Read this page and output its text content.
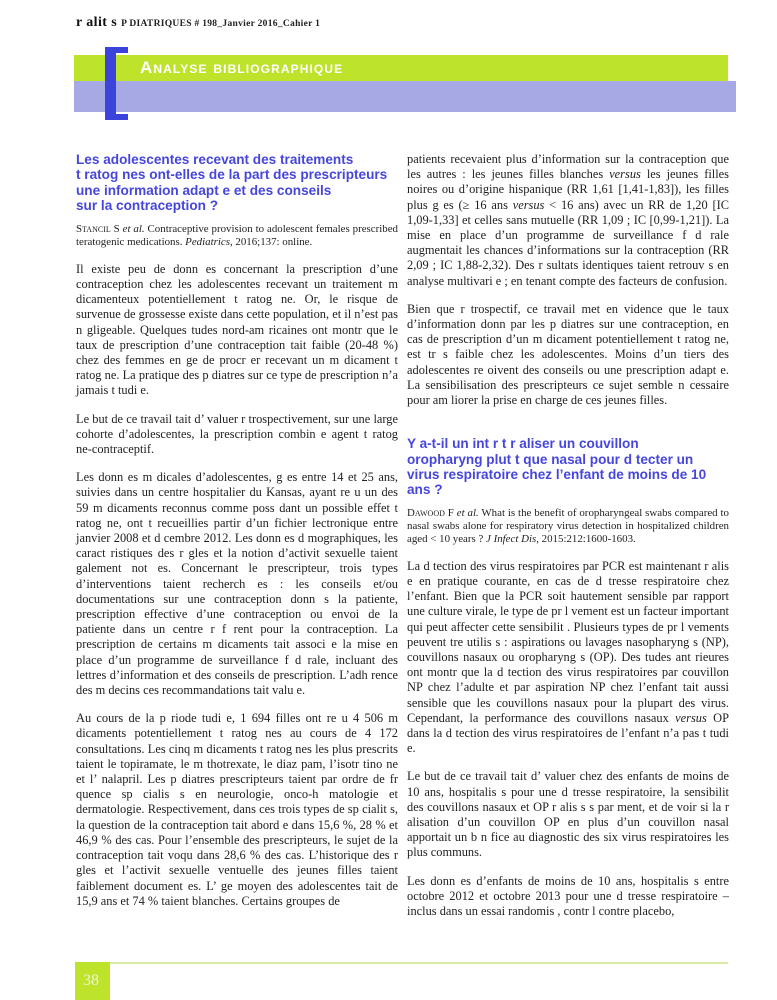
r alit s P DIATRIQUES # 198_Janvier 2016_Cahier 1
Analyse bibliographique
Les adolescentes recevant des traitements
t ratog nes ont-elles de la part des prescripteurs
une information adapt e et des conseils
sur la contraception ?

Stancil S et al. Contraceptive provision to adolescent females prescribed teratogenic medications. Pediatrics, 2016;137: online.

Il existe peu de donn es concernant la prescription d’une contraception chez les adolescentes recevant un traitement m dicamenteux potentiellement t ratog ne. Or, le risque de survenue de grossesse existe dans cette population, et il n’est pas n gligeable. Quelques tudes nord-am ricaines ont montr que le taux de prescription d’une contraception tait faible (20-48 %) chez des femmes en ge de procr er recevant un m dicament t ratog ne. La pratique des p diatres sur ce type de prescription n’a jamais t tudi e.

Le but de ce travail tait d’ valuer r trospectivement, sur une large cohorte d’adolescentes, la prescription combin e agent t ratog ne-contraceptif.

Les donn es m dicales d’adolescentes, g es entre 14 et 25 ans, suivies dans un centre hospitalier du Kansas, ayant re u un des 59 m dicaments reconnus comme poss dant un possible effet t ratog ne, ont t recueillies partir d’un fichier lectronique entre janvier 2008 et d cembre 2012. Les donn es d mographiques, les caract ristiques des r gles et la notion d’activit sexuelle taient galement not es. Concernant le prescripteur, trois types d’interventions taient recherch es : les conseils et/ou documentations sur une contraception donn s la patiente, prescription effective d’une contraception ou envoi de la patiente dans un centre r f rent pour la contraception. La prescription de certains m dicaments tait associ e la mise en place d’un programme de surveillance f d rale, incluant des lettres d’information et des conseils de prescription. L’adh rence des m decins ces recommandations tait valu e.

Au cours de la p riode tudi e, 1 694 filles ont re u 4 506 m dicaments potentiellement t ratog nes au cours de 4 172 consultations. Les cinq m dicaments t ratog nes les plus prescrits taient le topiramate, le m thotrexate, le diaz pam, l’isotr tino ne et l’ nalapril. Les p diatres prescripteurs taient par ordre de fr quence sp cialis s en neurologie, onco-h matologie et dermatologie. Respectivement, dans ces trois types de sp cialit s, la question de la contraception tait abord e dans 15,6 %, 28 % et 46,9 % des cas. Pour l’ensemble des prescripteurs, le sujet de la contraception tait voqu dans 28,6 % des cas. L’historique des r gles et l’activit sexuelle ventuelle des jeunes filles taient faiblement document es. L’ ge moyen des adolescentes tait de 15,9 ans et 74 % taient blanches. Certains groupes de

patients recevaient plus d’information sur la contraception que les autres : les jeunes filles blanches versus les jeunes filles noires ou d’origine hispanique (RR 1,61 [1,41-1,83]), les filles plus g es (≥ 16 ans versus < 16 ans) avec un RR de 1,20 [IC 1,09-1,33] et celles sans mutuelle (RR 1,09 ; IC [0,99-1,21]). La mise en place d’un programme de surveillance f d rale augmentait les chances d’informations sur la contraception (RR 2,09 ; IC 1,88-2,32). Des r sultats identiques taient retrouv s en analyse multivari e ; en tenant compte des facteurs de confusion.

Bien que r trospectif, ce travail met en vidence que le taux d’information donn par les p diatres sur une contraception, en cas de prescription d’un m dicament potentiellement t ratog ne, est tr s faible chez les adolescentes. Moins d’un tiers des adolescentes re oivent des conseils ou une prescription adapt e. La sensibilisation des prescripteurs ce sujet semble n cessaire pour am liorer la prise en charge de ces jeunes filles.

Y a-t-il un int r t r aliser un couvillon
oropharyng plut t que nasal pour d tecter un
virus respiratoire chez l’enfant de moins de 10 ans ?

Dawood F et al. What is the benefit of oropharyngeal swabs compared to nasal swabs alone for respiratory virus detection in hospitalized children aged < 10 years ? J Infect Dis, 2015:212:1600-1603.

La d tection des virus respiratoires par PCR est maintenant r alis e en pratique courante, en cas de d tresse respiratoire chez l’enfant. Bien que la PCR soit hautement sensible par rapport une culture virale, le type de pr l vement est un facteur important qui peut affecter cette sensibilit . Plusieurs types de pr l vements peuvent tre utilis s : aspirations ou lavages nasopharyng s (NP), couvillons nasaux ou oropharyng s (OP). Des tudes ant rieures ont montr que la d tection des virus respiratoires par couvillon NP chez l’adulte et par aspiration NP chez l’enfant tait aussi sensible que les couvillons nasaux pour la plupart des virus. Cependant, la performance des couvillons nasaux versus OP dans la d tection des virus respiratoires de l’enfant n’a pas t tudi e.

Le but de ce travail tait d’ valuer chez des enfants de moins de 10 ans, hospitalis s pour une d tresse respiratoire, la sensibilit des couvillons nasaux et OP r alis s s par ment, et de voir si la r alisation d’un couvillon OP en plus d’un couvillon nasal apportait un b n fice au diagnostic des six virus respiratoires les plus communs.

Les donn es d’enfants de moins de 10 ans, hospitalis s entre octobre 2012 et octobre 2013 pour une d tresse respiratoire – inclus dans un essai randomis , contr l contre placebo,

38
